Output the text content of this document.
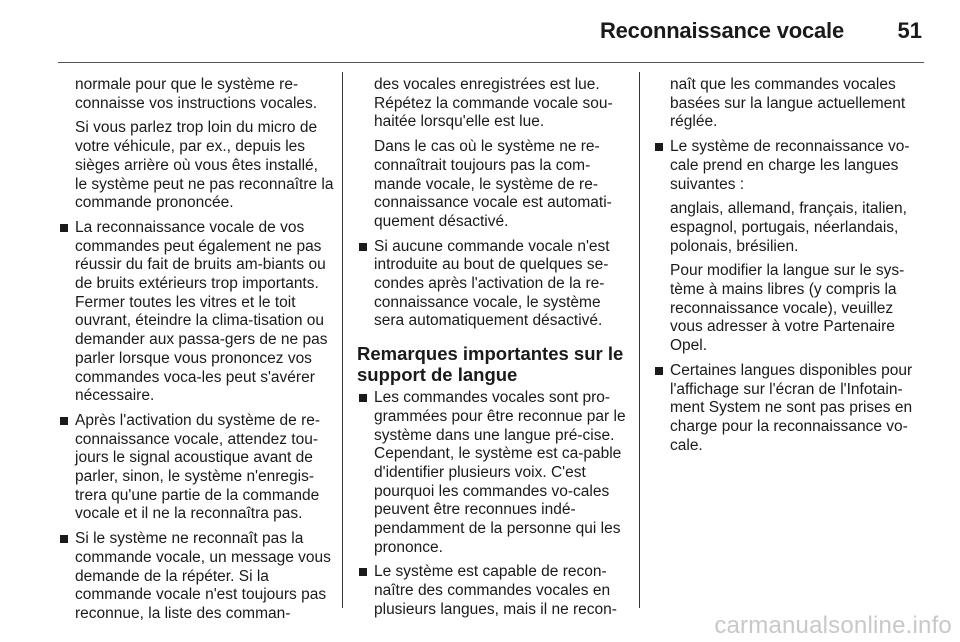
Reconnaissance vocale 51

normale pour que le système re-connaisse vos instructions vocales.

Si vous parlez trop loin du micro de votre véhicule, par ex., depuis les sièges arrière où vous êtes installé, le système peut ne pas reconnaître la commande prononcée.

La reconnaissance vocale de vos commandes peut également ne pas réussir du fait de bruits am-biants ou de bruits extérieurs trop importants. Fermer toutes les vitres et le toit ouvrant, éteindre la clima-tisation ou demander aux passa-gers de ne pas parler lorsque vous prononcez vos commandes voca-les peut s'avérer nécessaire.
Après l'activation du système de re-connaissance vocale, attendez tou-jours le signal acoustique avant de parler, sinon, le système n'enregis-trera qu'une partie de la commande vocale et il ne la reconnaîtra pas.
Si le système ne reconnaît pas la commande vocale, un message vous demande de la répéter. Si la commande vocale n'est toujours pas reconnue, la liste des comman-

des vocales enregistrées est lue. Répétez la commande vocale sou-haitée lorsqu'elle est lue.

Dans le cas où le système ne re-connaîtrait toujours pas la com-mande vocale, le système de re-connaissance vocale est automati-quement désactivé.

Si aucune commande vocale n'est introduite au bout de quelques se-condes après l'activation de la re-connaissance vocale, le système sera automatiquement désactivé.
Remarques importantes sur le support de langue
Les commandes vocales sont pro-grammées pour être reconnue par le système dans une langue pré-cise. Cependant, le système est ca-pable d'identifier plusieurs voix. C'est pourquoi les commandes vo-cales peuvent être reconnues indé-pendamment de la personne qui les prononce.
Le système est capable de recon-naître des commandes vocales en plusieurs langues, mais il ne recon-

naît que les commandes vocales basées sur la langue actuellement réglée.

Le système de reconnaissance vo-cale prend en charge les langues suivantes :

anglais, allemand, français, italien, espagnol, portugais, néerlandais, polonais, brésilien.

Pour modifier la langue sur le sys-tème à mains libres (y compris la reconnaissance vocale), veuillez vous adresser à votre Partenaire Opel.

Certaines langues disponibles pour l'affichage sur l'écran de l'Infotain-ment System ne sont pas prises en charge pour la reconnaissance vo-cale.
carmanualsonline.info
